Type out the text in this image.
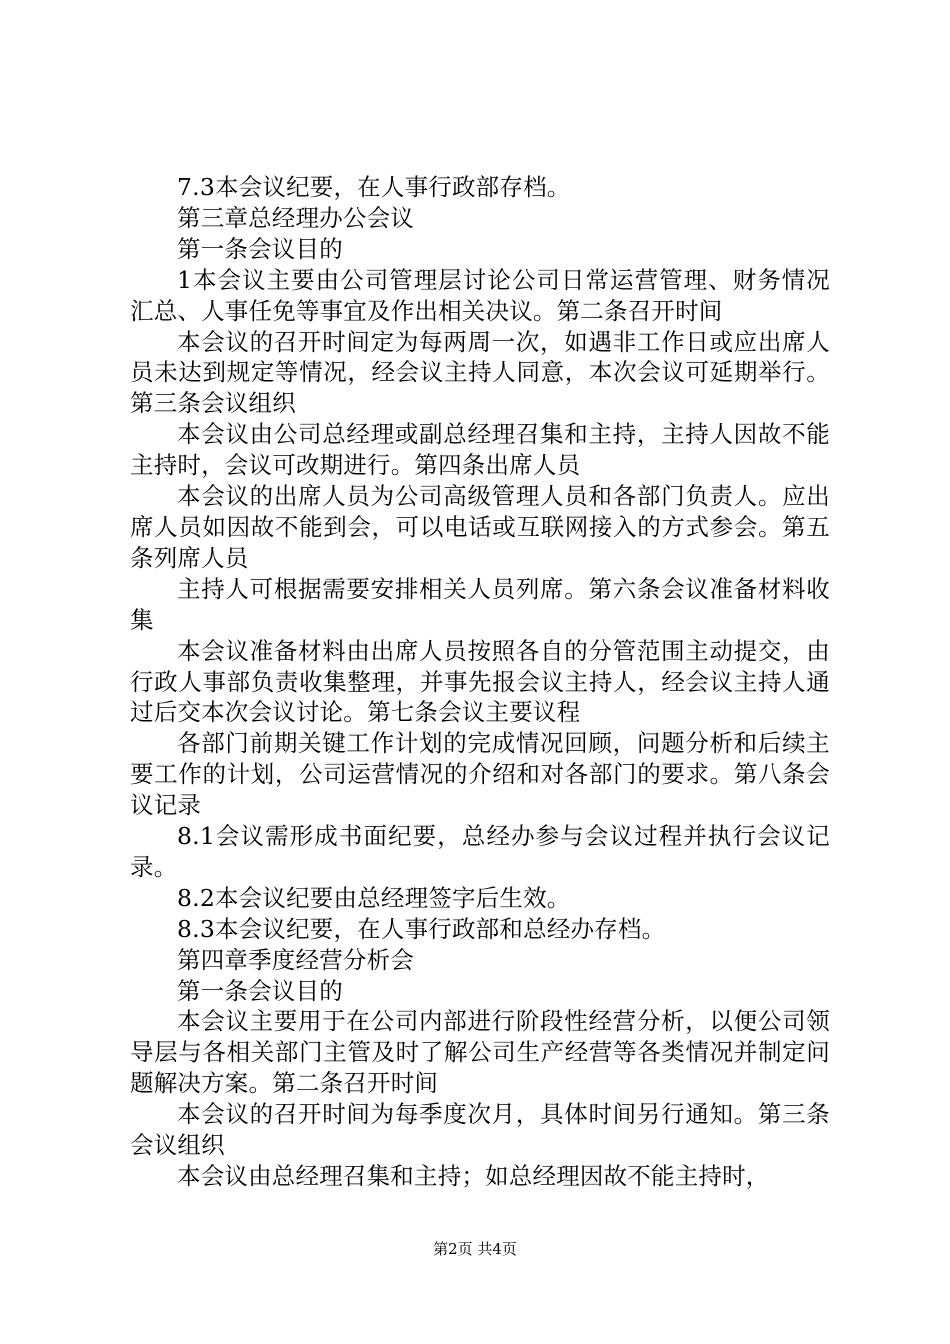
7.3本会议纪要，在人事行政部存档。

第三章总经理办公会议

第一条会议目的

1本会议主要由公司管理层讨论公司日常运营管理、财务情况汇总、人事任免等事宜及作出相关决议。第二条召开时间

本会议的召开时间定为每两周一次，如遇非工作日或应出席人员未达到规定等情况，经会议主持人同意，本次会议可延期举行。第三条会议组织

本会议由公司总经理或副总经理召集和主持，主持人因故不能主持时，会议可改期进行。第四条出席人员

本会议的出席人员为公司高级管理人员和各部门负责人。应出席人员如因故不能到会，可以电话或互联网接入的方式参会。第五条列席人员

主持人可根据需要安排相关人员列席。第六条会议准备材料收集

本会议准备材料由出席人员按照各自的分管范围主动提交，由行政人事部负责收集整理，并事先报会议主持人，经会议主持人通过后交本次会议讨论。第七条会议主要议程

各部门前期关键工作计划的完成情况回顾，问题分析和后续主要工作的计划，公司运营情况的介绍和对各部门的要求。第八条会议记录

8.1会议需形成书面纪要，总经办参与会议过程并执行会议记录。

8.2本会议纪要由总经理签字后生效。

8.3本会议纪要，在人事行政部和总经办存档。

第四章季度经营分析会

第一条会议目的

本会议主要用于在公司内部进行阶段性经营分析，以便公司领导层与各相关部门主管及时了解公司生产经营等各类情况并制定问题解决方案。第二条召开时间

本会议的召开时间为每季度次月，具体时间另行通知。第三条会议组织

本会议由总经理召集和主持；如总经理因故不能主持时，

第2页 共4页
